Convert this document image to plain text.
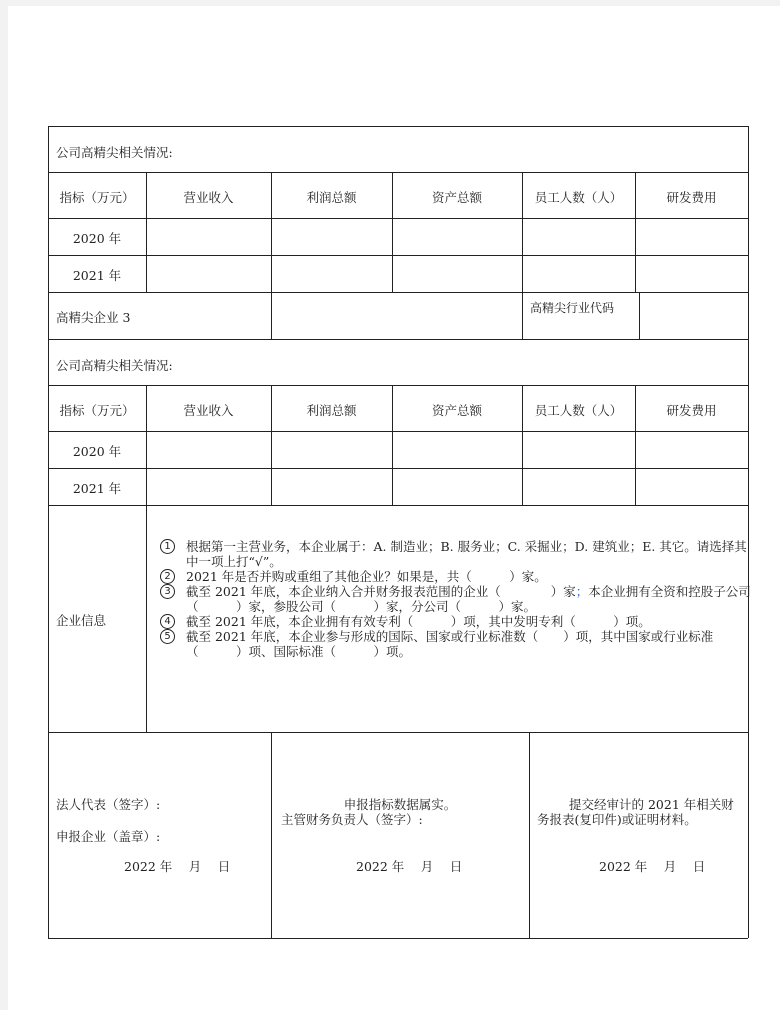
公司高精尖相关情况:
指标（万元）	营业收入	利润总额	资产总额	员工人数（人）	研发费用
2020 年
2021 年
高精尖企业 3
高精尖行业代码
公司高精尖相关情况:
指标（万元）	营业收入	利润总额	资产总额	员工人数（人）	研发费用
2020 年
2021 年
企业信息
1	根据第一主营业务，本企业属于：A. 制造业；B. 服务业；C. 采掘业；D. 建筑业；E. 其它。请选择其中一项上打“√”。
2	2021 年是否并购或重组了其他企业？如果是，共（　　　）家。
3	截至 2021 年底，本企业纳入合并财务报表范围的企业（　　　　）家；本企业拥有全资和控股子公司（　　　）家，参股公司（　　　）家，分公司（　　　）家。
4	截至 2021 年底，本企业拥有有效专利（　　　）项，其中发明专利（　　　）项。
5	截至 2021 年底，本企业参与形成的国际、国家或行业标准数（　　）项，其中国家或行业标准（　　　）项、国际标准（　　　）项。
法人代表（签字）:
申报企业（盖章）:
2022 年　 月　 日
申报指标数据属实。
主管财务负责人（签字）:
2022 年　 月　 日
提交经审计的 2021 年相关财务报表(复印件)或证明材料。
2022 年　 月　 日
